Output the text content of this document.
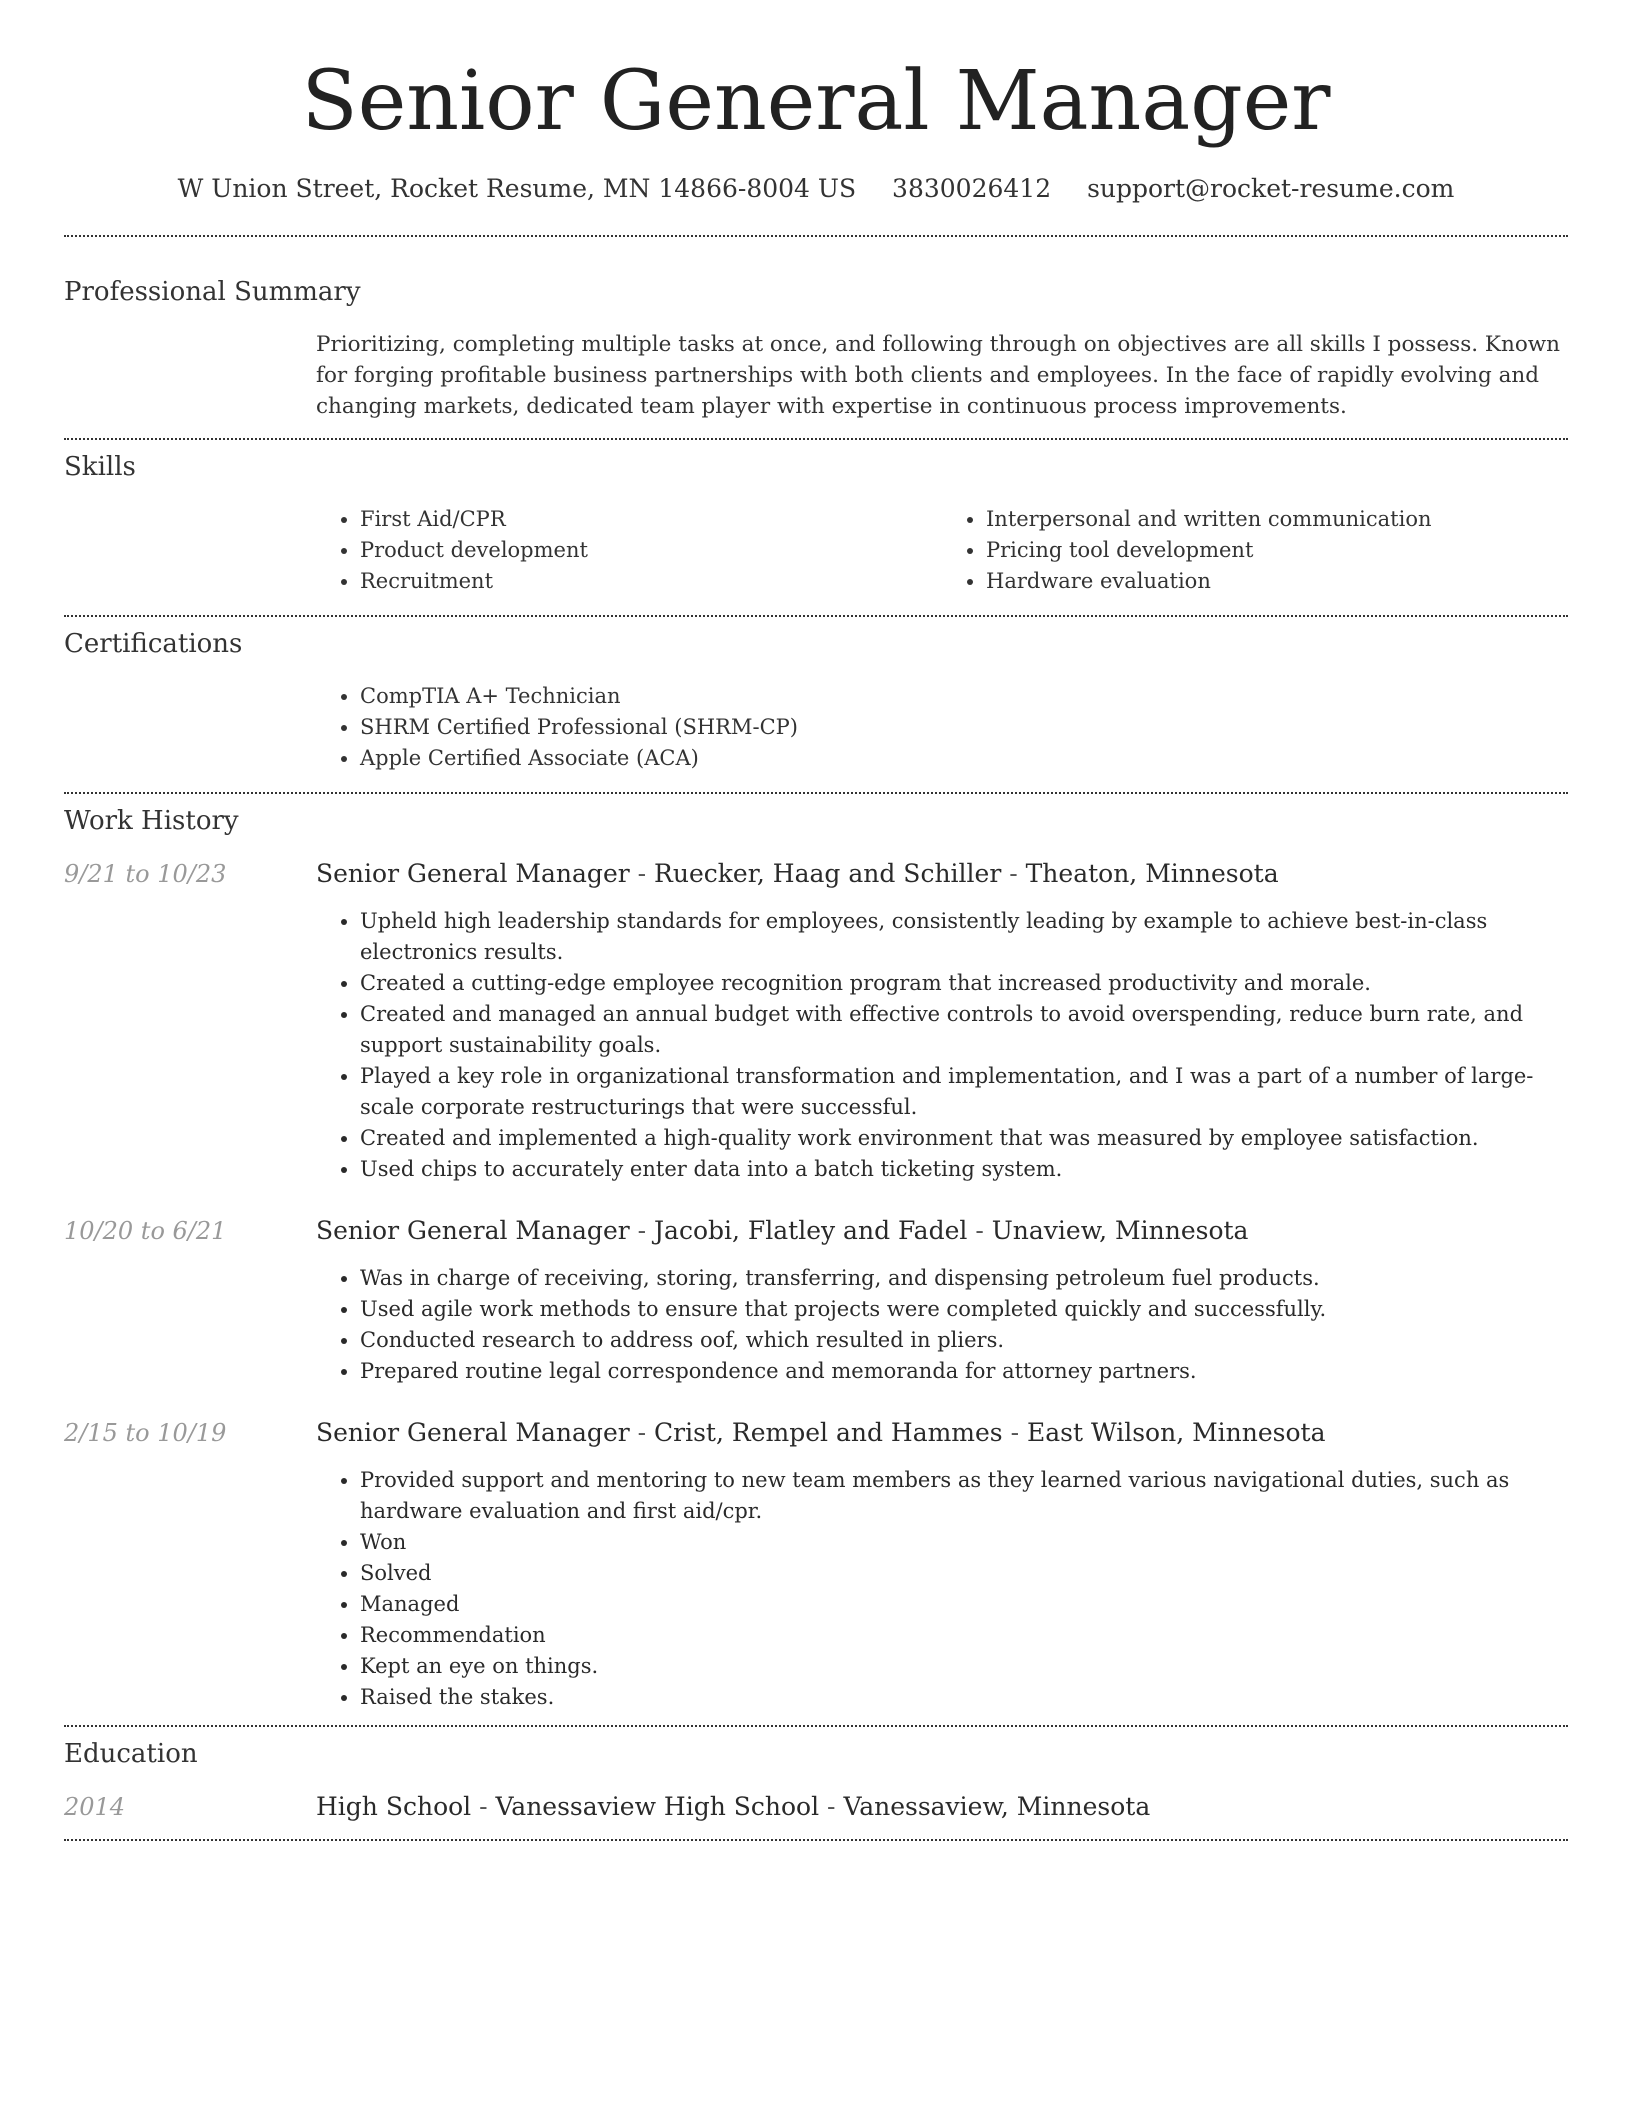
Senior General Manager
W Union Street, Rocket Resume, MN 14866-8004 US 3830026412 support@rocket-resume.com
Professional Summary

Prioritizing, completing multiple tasks at once, and following through on objectives are all skills I possess. Known for forging profitable business partnerships with both clients and employees. In the face of rapidly evolving and changing markets, dedicated team player with expertise in continuous process improvements.

Skills
• First Aid/CPR
• Product development
• Recruitment
• Interpersonal and written communication
• Pricing tool development
• Hardware evaluation
Certifications
• CompTIA A+ Technician
• SHRM Certified Professional (SHRM-CP)
• Apple Certified Associate (ACA)
Work History
9/21 to 10/23	Senior General Manager - Ruecker, Haag and Schiller - Theaton, Minnesota
• Upheld high leadership standards for employees, consistently leading by example to achieve best-in-class electronics results.
• Created a cutting-edge employee recognition program that increased productivity and morale.
• Created and managed an annual budget with effective controls to avoid overspending, reduce burn rate, and support sustainability goals.
• Played a key role in organizational transformation and implementation, and I was a part of a number of large-scale corporate restructurings that were successful.
• Created and implemented a high-quality work environment that was measured by employee satisfaction.
• Used chips to accurately enter data into a batch ticketing system.
10/20 to 6/21	Senior General Manager - Jacobi, Flatley and Fadel - Unaview, Minnesota
• Was in charge of receiving, storing, transferring, and dispensing petroleum fuel products.
• Used agile work methods to ensure that projects were completed quickly and successfully.
• Conducted research to address oof, which resulted in pliers.
• Prepared routine legal correspondence and memoranda for attorney partners.
2/15 to 10/19	Senior General Manager - Crist, Rempel and Hammes - East Wilson, Minnesota
• Provided support and mentoring to new team members as they learned various navigational duties, such as hardware evaluation and first aid/cpr.
• Won
• Solved
• Managed
• Recommendation
• Kept an eye on things.
• Raised the stakes.
Education
2014	High School - Vanessaview High School - Vanessaview, Minnesota
